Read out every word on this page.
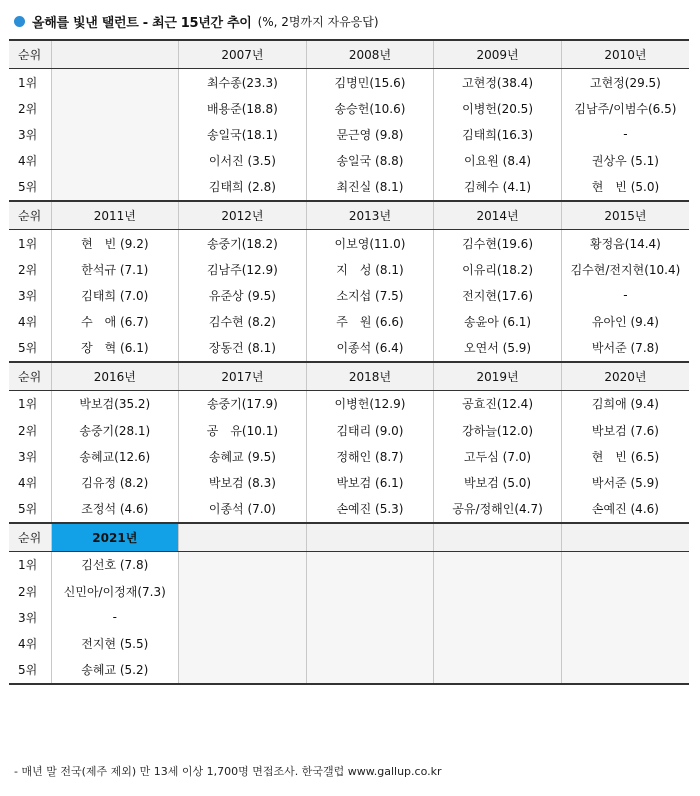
올해를 빛낸 탤런트 - 최근 15년간 추이 (%, 2명까지 자유응답)
순위		2007년	2008년	2009년	2010년
1위		최수종(23.3)	김명민(15.6)	고현정(38.4)	고현정(29.5)
2위		배용준(18.8)	송승헌(10.6)	이병헌(20.5)	김남주/이범수(6.5)
3위		송일국(18.1)	문근영 (9.8)	김태희(16.3)	-
4위		이서진 (3.5)	송일국 (8.8)	이요원 (8.4)	권상우 (5.1)
5위		김태희 (2.8)	최진실 (8.1)	김혜수 (4.1)	현　빈 (5.0)
순위	2011년	2012년	2013년	2014년	2015년
1위	현　빈 (9.2)	송중기(18.2)	이보영(11.0)	김수현(19.6)	황정음(14.4)
2위	한석규 (7.1)	김남주(12.9)	지　성 (8.1)	이유리(18.2)	김수현/전지현(10.4)
3위	김태희 (7.0)	유준상 (9.5)	소지섭 (7.5)	전지현(17.6)	-
4위	수　애 (6.7)	김수현 (8.2)	주　원 (6.6)	송윤아 (6.1)	유아인 (9.4)
5위	장　혁 (6.1)	장동건 (8.1)	이종석 (6.4)	오연서 (5.9)	박서준 (7.8)
순위	2016년	2017년	2018년	2019년	2020년
1위	박보검(35.2)	송중기(17.9)	이병헌(12.9)	공효진(12.4)	김희애 (9.4)
2위	송중기(28.1)	공　유(10.1)	김태리 (9.0)	강하늘(12.0)	박보검 (7.6)
3위	송혜교(12.6)	송혜교 (9.5)	정해인 (8.7)	고두심 (7.0)	현　빈 (6.5)
4위	김유정 (8.2)	박보검 (8.3)	박보검 (6.1)	박보검 (5.0)	박서준 (5.9)
5위	조정석 (4.6)	이종석 (7.0)	손예진 (5.3)	공유/정해인(4.7)	손예진 (4.6)
순위	2021년				
1위	김선호 (7.8)				
2위	신민아/이정재(7.3)				
3위	-				
4위	전지현 (5.5)				
5위	송혜교 (5.2)				
- 매년 말 전국(제주 제외) 만 13세 이상 1,700명 면접조사. 한국갤럽 www.gallup.co.kr
